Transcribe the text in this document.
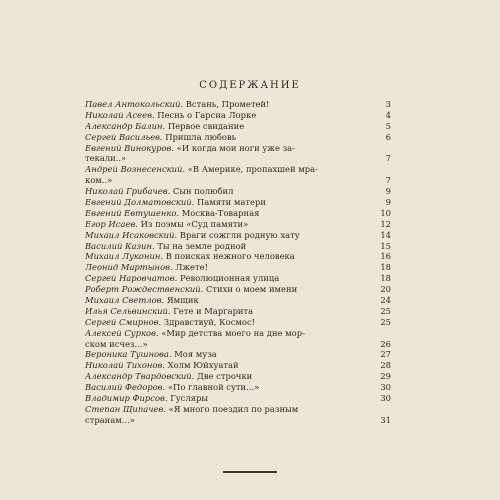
СОДЕРЖАНИЕ
Павел Антокольский. Встань, Прометей!	3
Николай Асеев. Песнь о Гарсиа Лорке	4
Александр Балин. Первое свидание	5
Сергей Васильев. Пришла любовь	6
Евгений Винокуров. «И когда мои ноги уже за-
текали..»	7
Андрей Вознесенский. «В Америке, пропахшей мра-
ком..»	7
Николай Грибачев. Сын полюбил	9
Евгений Долматовский. Памяти матери	9
Евгений Евтушенко. Москва-Товарная	10
Егор Исаев. Из поэмы «Суд памяти»	12
Михаил Исаковский. Враги сожгли родную хату	14
Василий Казин. Ты на земле родной	15
Михаил Луконин. В поисках нежного человека	16
Леонид Мартынов. Лжете!	18
Сергей Наровчатов. Революционная улица	18
Роберт Рождественский. Стихи о моем имени	20
Михаил Светлов. Ямщик	24
Илья Сельвинский. Гете и Маргарита	25
Сергей Смирнов. Здравствуй, Космос!	25
Алексей Сурков. «Мир детства моего на дне мор-
ском исчез...»	26
Вероника Тушнова. Моя муза	27
Николай Тихонов. Холм Юйхуатай	28
Александр Твардовский. Две строчки	29
Василий Федоров. «По главной сути...»	30
Владимир Фирсов. Гусляры	30
Степан Щипачев. «Я много поездил по разным
странам...»	31
